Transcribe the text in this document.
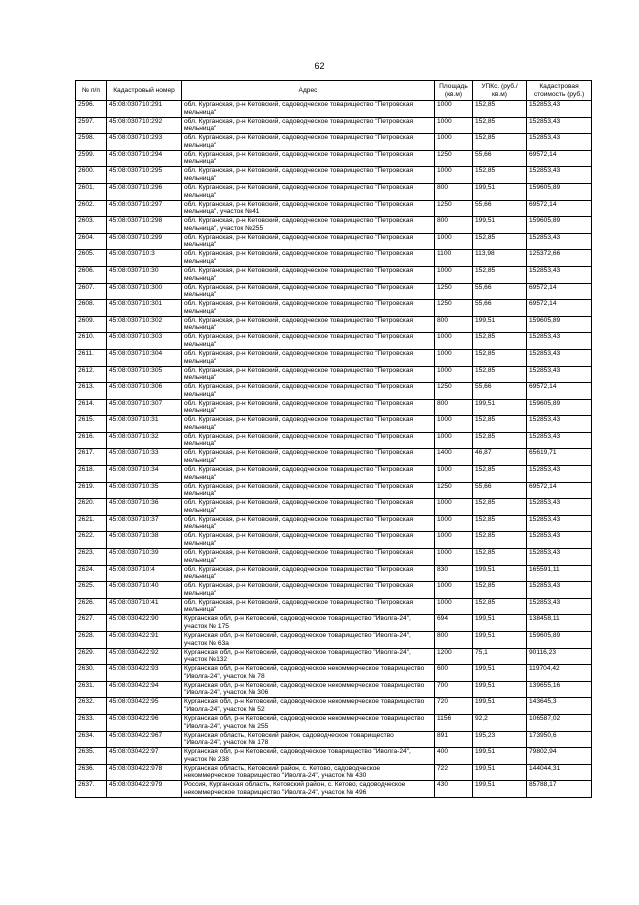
62
№ п/п	Кадастровый номер	Адрес	Площадь (кв.м)	УПКс. (руб./кв.м)	Кадастровая стоимость (руб.)
2596.	45:08:030710:291	обл. Курганская, р-н Кетовский, садоводческое товарищество "Петровская мельница"	1000	152,85	152853,43
2597.	45:08:030710:292	обл. Курганская, р-н Кетовский, садоводческое товарищество "Петровская мельница"	1000	152,85	152853,43
2598.	45:08:030710:293	обл. Курганская, р-н Кетовский, садоводческое товарищество "Петровская мельница"	1000	152,85	152853,43
2599.	45:08:030710:294	обл. Курганская, р-н Кетовский, садоводческое товарищество "Петровская мельница"	1250	55,66	69572,14
2600.	45:08:030710:295	обл. Курганская, р-н Кетовский, садоводческое товарищество "Петровская мельница"	1000	152,85	152853,43
2601.	45:08:030710:296	обл. Курганская, р-н Кетовский, садоводческое товарищество "Петровская мельница"	800	199,51	159605,89
2602.	45:08:030710:297	обл. Курганская, р-н Кетовский, садоводческое товарищество "Петровская мельница", участок №41	1250	55,66	69572,14
2603.	45:08:030710:298	обл. Курганская, р-н Кетовский, садоводческое товарищество "Петровская мельница", участок №255	800	199,51	159605,89
2604.	45:08:030710:299	обл. Курганская, р-н Кетовский, садоводческое товарищество "Петровская мельница"	1000	152,85	152853,43
2605.	45:08:030710:3	обл. Курганская, р-н Кетовский, садоводческое товарищество "Петровская мельница"	1100	113,98	125372,66
2606.	45:08:030710:30	обл. Курганская, р-н Кетовский, садоводческое товарищество "Петровская мельница"	1000	152,85	152853,43
2607.	45:08:030710:300	обл. Курганская, р-н Кетовский, садоводческое товарищество "Петровская мельница"	1250	55,66	69572,14
2608.	45:08:030710:301	обл. Курганская, р-н Кетовский, садоводческое товарищество "Петровская мельница"	1250	55,66	69572,14
2609.	45:08:030710:302	обл. Курганская, р-н Кетовский, садоводческое товарищество "Петровская мельница"	800	199,51	159605,89
2610.	45:08:030710:303	обл. Курганская, р-н Кетовский, садоводческое товарищество "Петровская мельница"	1000	152,85	152853,43
2611.	45:08:030710:304	обл. Курганская, р-н Кетовский, садоводческое товарищество "Петровская мельница"	1000	152,85	152853,43
2612.	45:08:030710:305	обл. Курганская, р-н Кетовский, садоводческое товарищество "Петровская мельница"	1000	152,85	152853,43
2613.	45:08:030710:306	обл. Курганская, р-н Кетовский, садоводческое товарищество "Петровская мельница"	1250	55,66	69572,14
2614.	45:08:030710:307	обл. Курганская, р-н Кетовский, садоводческое товарищество "Петровская мельница"	800	199,51	159605,89
2615.	45:08:030710:31	обл. Курганская, р-н Кетовский, садоводческое товарищество "Петровская мельница"	1000	152,85	152853,43
2616.	45:08:030710:32	обл. Курганская, р-н Кетовский, садоводческое товарищество "Петровская мельница"	1000	152,85	152853,43
2617.	45:08:030710:33	обл. Курганская, р-н Кетовский, садоводческое товарищество "Петровская мельница"	1400	46,87	65619,71
2618.	45:08:030710:34	обл. Курганская, р-н Кетовский, садоводческое товарищество "Петровская мельница"	1000	152,85	152853,43
2619.	45:08:030710:35	обл. Курганская, р-н Кетовский, садоводческое товарищество "Петровская мельница"	1250	55,66	69572,14
2620.	45:08:030710:36	обл. Курганская, р-н Кетовский, садоводческое товарищество "Петровская мельница"	1000	152,85	152853,43
2621.	45:08:030710:37	обл. Курганская, р-н Кетовский, садоводческое товарищество "Петровская мельница"	1000	152,85	152853,43
2622.	45:08:030710:38	обл. Курганская, р-н Кетовский, садоводческое товарищество "Петровская мельница"	1000	152,85	152853,43
2623.	45:08:030710:39	обл. Курганская, р-н Кетовский, садоводческое товарищество "Петровская мельница"	1000	152,85	152853,43
2624.	45:08:030710:4	обл. Курганская, р-н Кетовский, садоводческое товарищество "Петровская мельница"	830	199,51	165591,11
2625.	45:08:030710:40	обл. Курганская, р-н Кетовский, садоводческое товарищество "Петровская мельница"	1000	152,85	152853,43
2626.	45:08:030710:41	обл. Курганская, р-н Кетовский, садоводческое товарищество "Петровская мельница"	1000	152,85	152853,43
2627.	45:08:030422:90	Курганская обл, р-н Кетовский, садоводческое товарищество "Иволга-24", участок № 175	694	199,51	138458,11
2628.	45:08:030422:91	Курганская обл, р-н Кетовский, садоводческое товарищество "Иволга-24", участок № 63а	800	199,51	159605,89
2629.	45:08:030422:92	Курганская обл, р-н Кетовский, садоводческое товарищество "Иволга-24", участок №132	1200	75,1	90116,23
2630.	45:08:030422:93	Курганская обл, р-н Кетовский, садоводческое некоммерческое товарищество "Иволга-24", участок № 78	600	199,51	119704,42
2631.	45:08:030422:94	Курганская обл, р-н Кетовский, садоводческое некоммерческое товарищество "Иволга-24", участок № 306	700	199,51	139655,16
2632.	45:08:030422:95	Курганская обл, р-н Кетовский, садоводческое некоммерческое товарищество "Иволга-24", участок № 52	720	199,51	143645,3
2633.	45:08:030422:96	Курганская обл, р-н Кетовский, садоводческое некоммерческое товарищество "Иволга-24", участок № 255	1156	92,2	106587,02
2634.	45:08:030422:967	Курганская область, Кетовский район, садоводческое товарищество "Иволга-24", участок № 178	891	195,23	173950,6
2635.	45:08:030422:97	Курганская обл, р-н Кетовский, садоводческое товарищество "Иволга-24", участок № 238	400	199,51	79802,94
2636.	45:08:030422:978	Курганская область, Кетовский район, с. Кетово, садоводческое некоммерческое товарищество "Иволга-24", участок № 430	722	199,51	144044,31
2637.	45:08:030422:979	Россия, Курганская область, Кетовский район, с. Кетово, садоводческое некоммерческое товарищество "Иволга-24", участок № 496	430	199,51	85788,17
